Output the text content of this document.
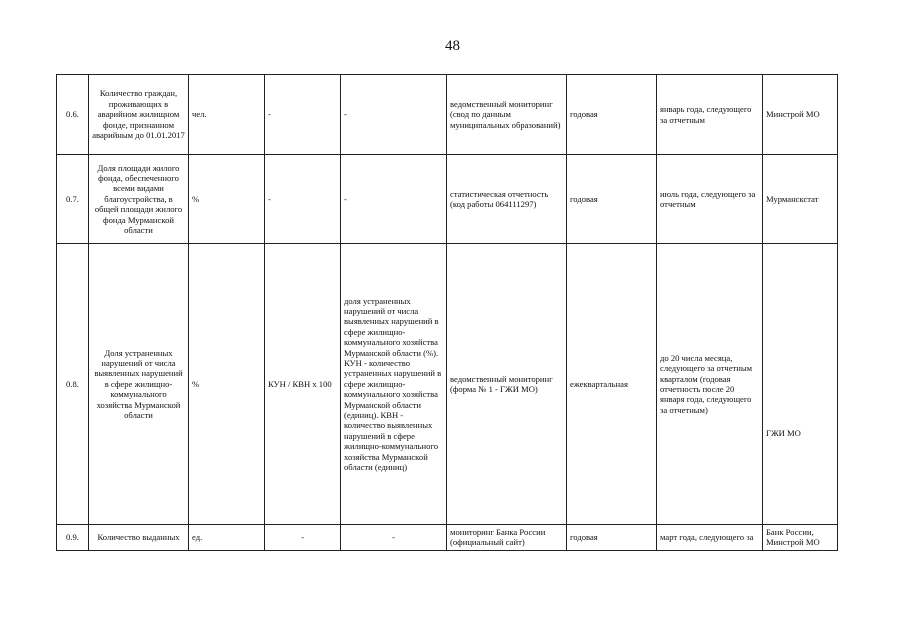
48
0.6.	Количество граждан, проживающих в аварийном жилищном фонде, признанном аварийным до 01.01.2017	чел.	-	-	ведомственный мониторинг (свод по данным муниципальных образований)	годовая	январь года, следующего за отчетным	Минстрой МО
0.7.	Доля площади жилого фонда, обеспеченного всеми видами благоустройства, в общей площади жилого фонда Мурманской области	%	-	-	статистическая отчетность (код работы 064111297)	годовая	июль года, следующего за отчетным	Мурманскстат
0.8.	Доля устраненных нарушений от числа выявленных нарушений в сфере жилищно-коммунального хозяйства Мурманской области	%	КУН / КВН x 100	доля устраненных нарушений от числа выявленных нарушений в сфере жилищно-коммунального хозяйства Мурманской области (%). КУН - количество устраненных нарушений в сфере жилищно-коммунального хозяйства Мурманской области (единиц). КВН - количество выявленных нарушений в сфере жилищно-коммунального хозяйства Мурманской области (единиц)	ведомственный мониторинг (форма № 1 - ГЖИ МО)	ежеквартальная	до 20 числа месяца, следующего за отчетным кварталом (годовая отчетность после 20 января года, следующего за отчетным)	ГЖИ МО
0.9.	Количество выданных	ед.	-	-	мониторинг Банка России (официальный сайт)	годовая	март года, следующего за	Банк России, Минстрой МО
